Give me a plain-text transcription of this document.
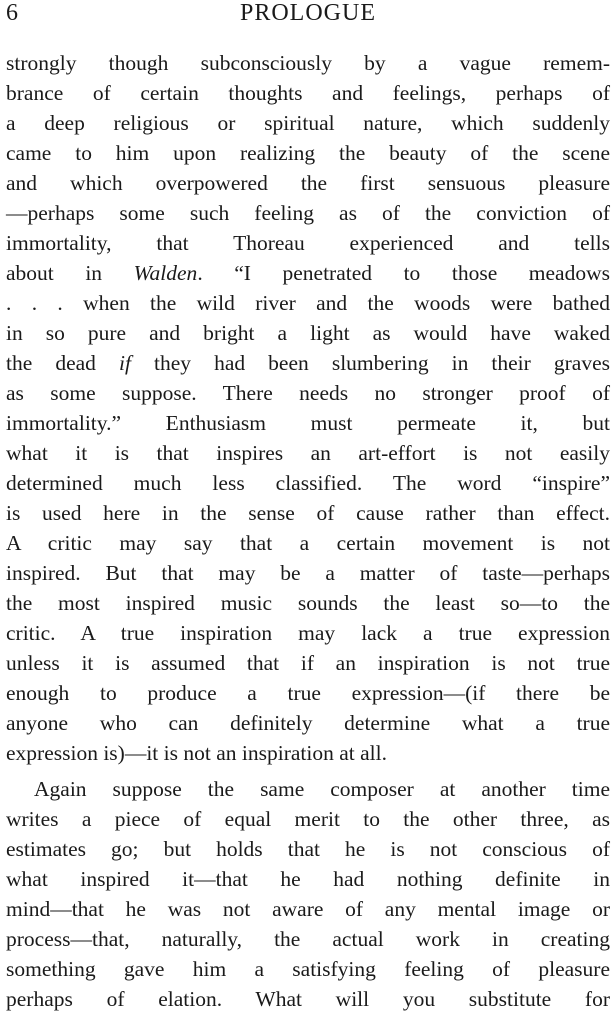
6	PROLOGUE
strongly though subconsciously by a vague remem-
brance of certain thoughts and feelings, perhaps of
a deep religious or spiritual nature, which suddenly
came to him upon realizing the beauty of the scene
and which overpowered the first sensuous pleasure
—perhaps some such feeling as of the conviction of
immortality, that Thoreau experienced and tells
about in Walden. “I penetrated to those meadows
. . . when the wild river and the woods were bathed
in so pure and bright a light as would have waked
the dead if they had been slumbering in their graves
as some suppose. There needs no stronger proof of
immortality.” Enthusiasm must permeate it, but
what it is that inspires an art-effort is not easily
determined much less classified. The word “inspire”
is used here in the sense of cause rather than effect.
A critic may say that a certain movement is not
inspired. But that may be a matter of taste—perhaps
the most inspired music sounds the least so—to the
critic. A true inspiration may lack a true expression
unless it is assumed that if an inspiration is not true
enough to produce a true expression—(if there be
anyone who can definitely determine what a true
expression is)—it is not an inspiration at all.
Again suppose the same composer at another time
writes a piece of equal merit to the other three, as
estimates go; but holds that he is not conscious of
what inspired it—that he had nothing definite in
mind—that he was not aware of any mental image or
process—that, naturally, the actual work in creating
something gave him a satisfying feeling of pleasure
perhaps of elation. What will you substitute for
